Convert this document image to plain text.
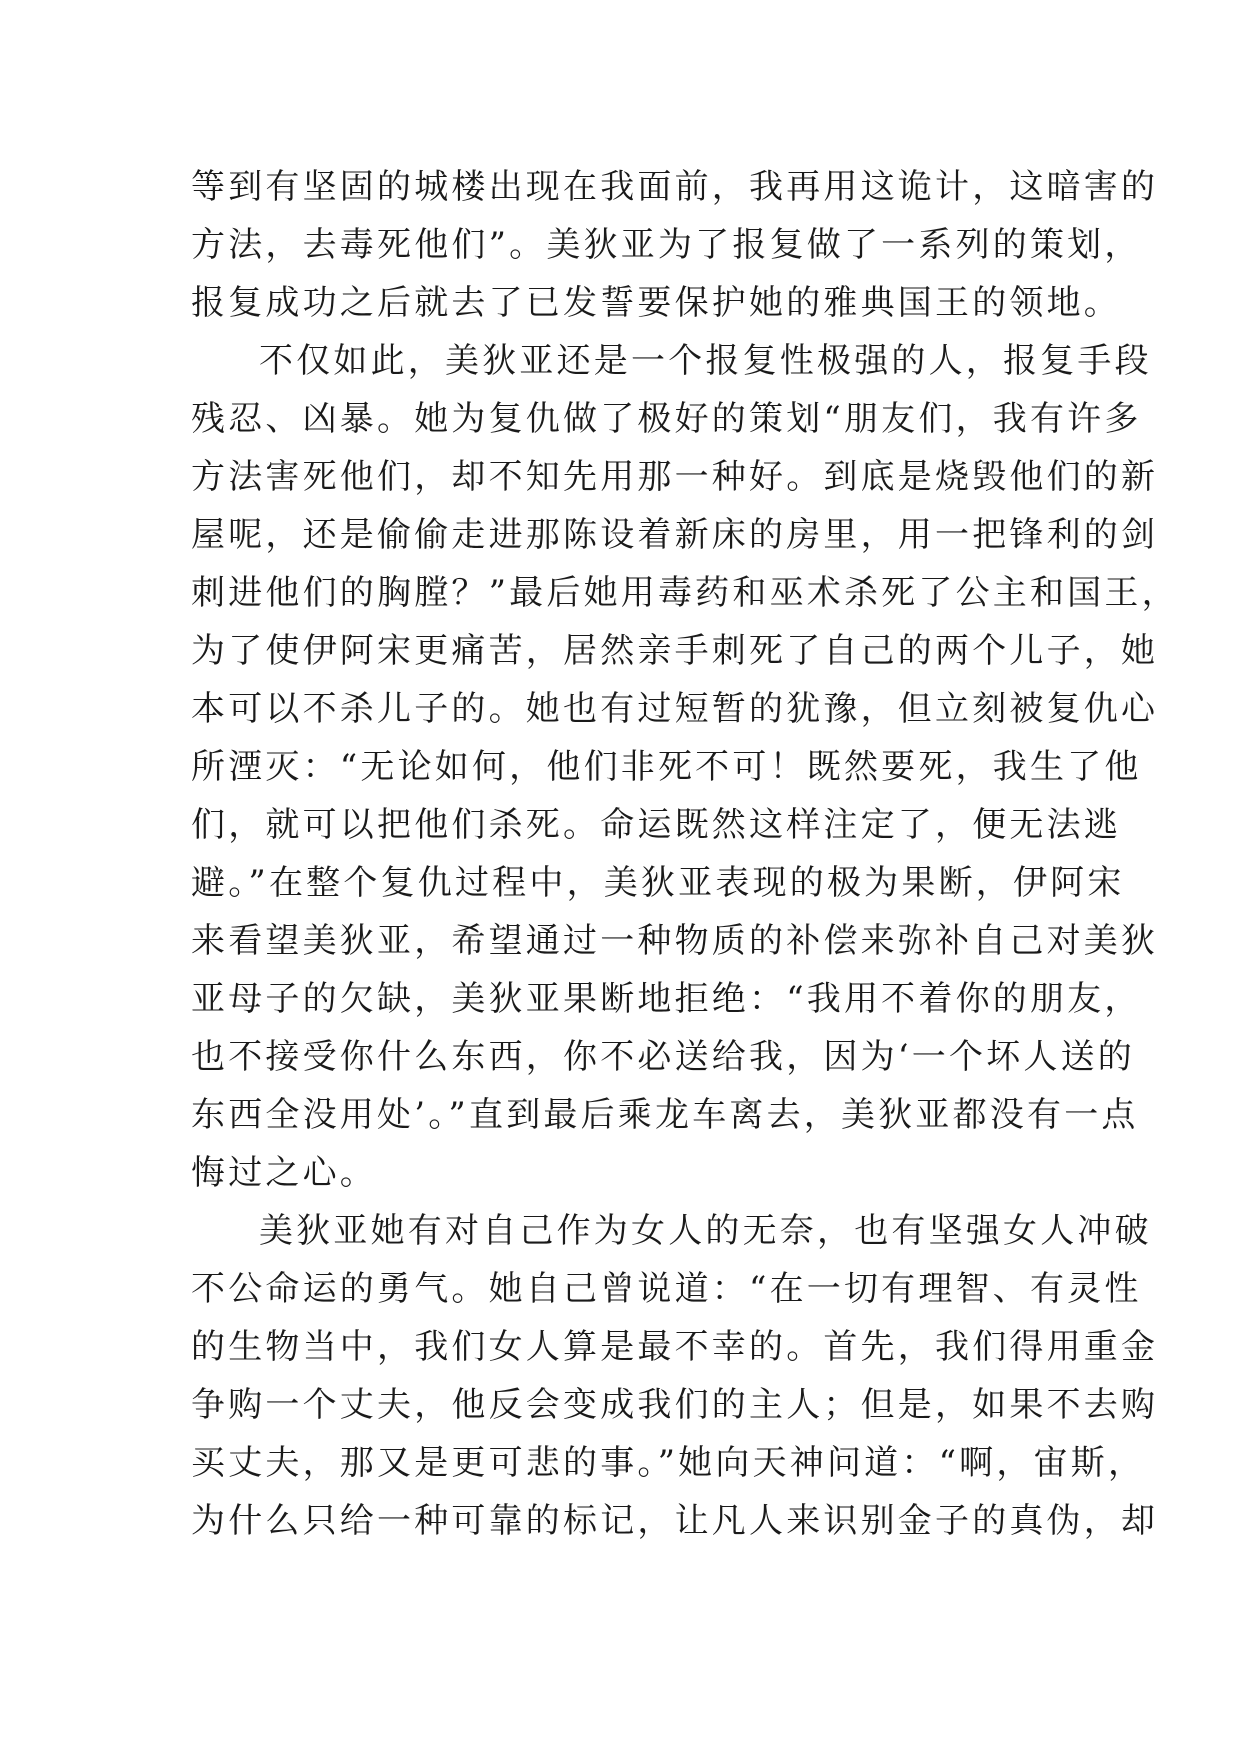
等到有坚固的城楼出现在我面前，我再用这诡计，这暗害的
方法，去毒死他们”。美狄亚为了报复做了一系列的策划，
报复成功之后就去了已发誓要保护她的雅典国王的领地。
不仅如此，美狄亚还是一个报复性极强的人，报复手段
残忍、凶暴。她为复仇做了极好的策划“朋友们，我有许多
方法害死他们，却不知先用那一种好。到底是烧毁他们的新
屋呢，还是偷偷走进那陈设着新床的房里，用一把锋利的剑
刺进他们的胸膛？”最后她用毒药和巫术杀死了公主和国王，
为了使伊阿宋更痛苦，居然亲手刺死了自己的两个儿子，她
本可以不杀儿子的。她也有过短暂的犹豫，但立刻被复仇心
所湮灭：“无论如何，他们非死不可！既然要死，我生了他
们，就可以把他们杀死。命运既然这样注定了，便无法逃
避。”在整个复仇过程中，美狄亚表现的极为果断，伊阿宋
来看望美狄亚，希望通过一种物质的补偿来弥补自己对美狄
亚母子的欠缺，美狄亚果断地拒绝：“我用不着你的朋友，
也不接受你什么东西，你不必送给我，因为‘一个坏人送的
东西全没用处’。”直到最后乘龙车离去，美狄亚都没有一点
悔过之心。
美狄亚她有对自己作为女人的无奈，也有坚强女人冲破
不公命运的勇气。她自己曾说道：“在一切有理智、有灵性
的生物当中，我们女人算是最不幸的。首先，我们得用重金
争购一个丈夫，他反会变成我们的主人；但是，如果不去购
买丈夫，那又是更可悲的事。”她向天神问道：“啊，宙斯，
为什么只给一种可靠的标记，让凡人来识别金子的真伪，却
